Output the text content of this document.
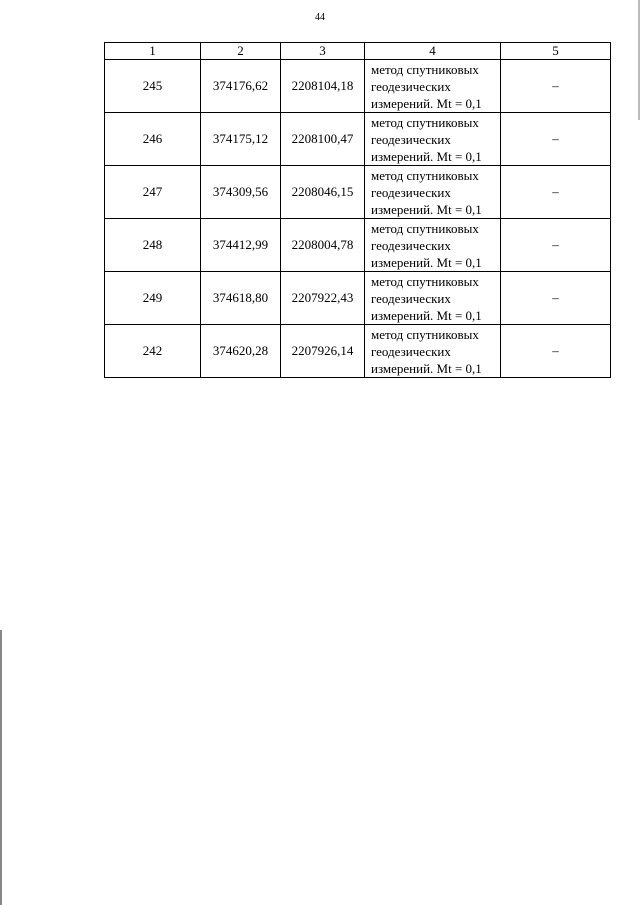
44
1	2	3	4	5
245	374176,62	2208104,18	метод спутниковых
геодезических
измерений. Mt = 0,1	–
246	374175,12	2208100,47	метод спутниковых
геодезических
измерений. Mt = 0,1	–
247	374309,56	2208046,15	метод спутниковых
геодезических
измерений. Mt = 0,1	–
248	374412,99	2208004,78	метод спутниковых
геодезических
измерений. Mt = 0,1	–
249	374618,80	2207922,43	метод спутниковых
геодезических
измерений. Mt = 0,1	–
242	374620,28	2207926,14	метод спутниковых
геодезических
измерений. Mt = 0,1	–
